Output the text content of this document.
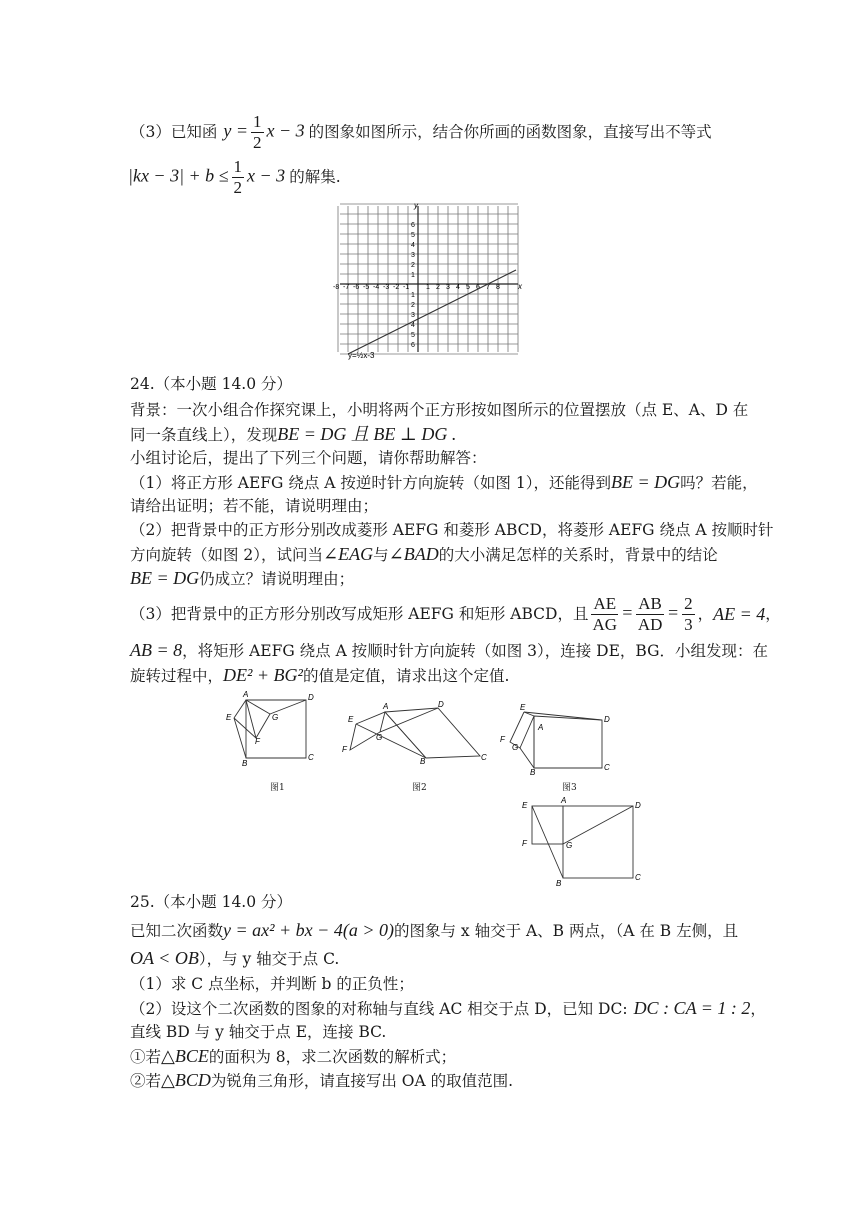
（3）已知函 $y = \frac{1}{2}$ x − 3 的图象如图所示，结合你所画的函数图象，直接写出不等式
$|kx - 3| + b \le \frac{1}{2}$ x − 3 的解集.
x
y
-8 -7 -6 -5 -4 -3 -2 -1 1 2 3 4 5 6 7 8
6
5
4
3
2
1
1
2
3
4
5
6
y=½x-3
24.（本小题 14.0 分）
背景：一次小组合作探究课上，小明将两个正方形按如图所示的位置摆放（点 E、A、D 在
同一条直线上），发现BE = DG 且 BE ⊥ DG .
小组讨论后，提出了下列三个问题，请你帮助解答：
（1）将正方形 AEFG 绕点 A 按逆时针方向旋转（如图 1），还能得到BE = DG吗？若能，
请给出证明；若不能，请说明理由；
（2）把背景中的正方形分别改成菱形 AEFG 和菱形 ABCD，将菱形 AEFG 绕点 A 按顺时针
方向旋转（如图 2），试问当∠EAG与∠BAD的大小满足怎样的关系时，背景中的结论
BE = DG仍成立？请说明理由；
（3）把背景中的正方形分别改写成矩形 AEFG 和矩形 ABCD，且 $\frac{AE}{AG} = \frac{AB}{AD} = \frac{2}{3}$ ， AE = 4 ，
AB = 8，将矩形 AEFG 绕点 A 按顺时针方向旋转（如图 3），连接 DE，BG．小组发现：在
旋转过程中，DE² + BG²的值是定值，请求出这个定值.
A	D
E	G
F
B
C
图1
A	D
E
G
F
B	C
图2
E
A
D
F
G
B
C
图3
E
A
D
F	G
B
C
25.（本小题 14.0 分）
已知二次函数y = ax² + bx − 4(a > 0)的图象与 x 轴交于 A、B 两点，（A 在 B 左侧，且
OA < OB），与 y 轴交于点 C.
（1）求 C 点坐标，并判断 b 的正负性；
（2）设这个二次函数的图象的对称轴与直线 AC 相交于点 D，已知 DC: DC : CA = 1 : 2，
直线 BD 与 y 轴交于点 E，连接 BC.
①若△BCE的面积为 8，求二次函数的解析式；
②若△BCD为锐角三角形，请直接写出 OA 的取值范围.
